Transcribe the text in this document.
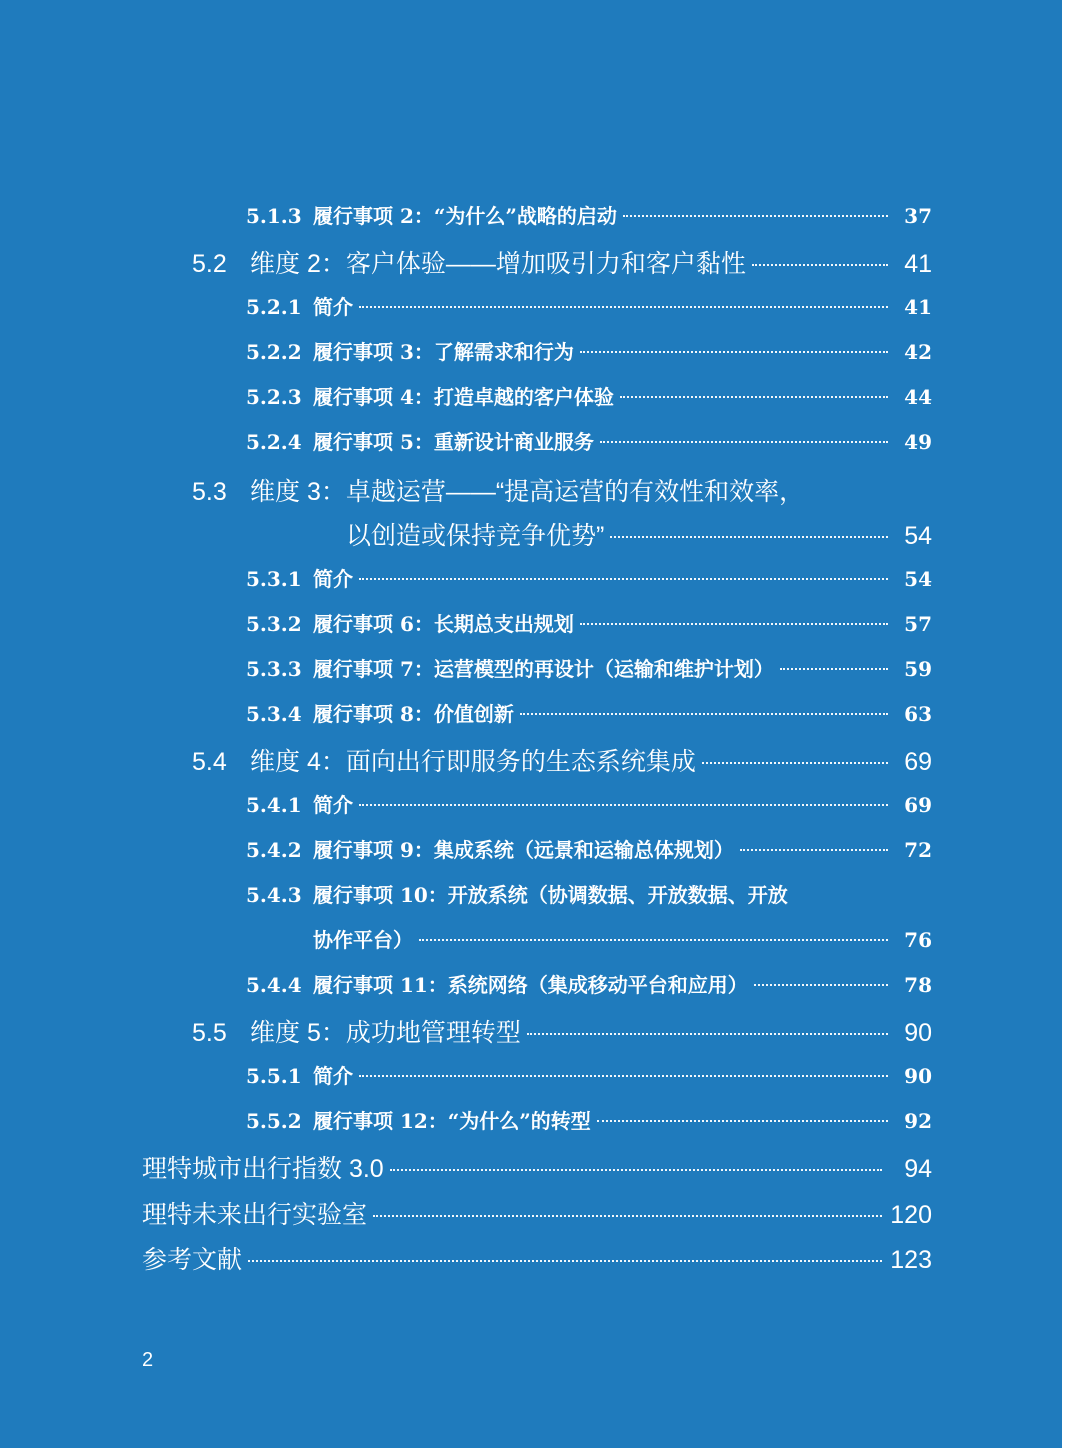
5.1.3 履行事项 2：“为什么”战略的启动	37
5.2 维度 2：客户体验——增加吸引力和客户黏性	41
5.2.1 简介	41
5.2.2 履行事项 3：了解需求和行为	42
5.2.3 履行事项 4：打造卓越的客户体验	44
5.2.4 履行事项 5：重新设计商业服务	49
5.3 维度 3：卓越运营——“提高运营的有效性和效率，
以创造或保持竞争优势”	54
5.3.1 简介	54
5.3.2 履行事项 6：长期总支出规划	57
5.3.3 履行事项 7：运营模型的再设计（运输和维护计划）	59
5.3.4 履行事项 8：价值创新	63
5.4 维度 4：面向出行即服务的生态系统集成	69
5.4.1 简介	69
5.4.2 履行事项 9：集成系统（远景和运输总体规划）	72
5.4.3 履行事项 10：开放系统（协调数据、开放数据、开放
协作平台）	76
5.4.4 履行事项 11：系统网络（集成移动平台和应用）	78
5.5 维度 5：成功地管理转型	90
5.5.1 简介	90
5.5.2 履行事项 12：“为什么”的转型	92
理特城市出行指数 3.0	94
理特未来出行实验室	120
参考文献	123
2
